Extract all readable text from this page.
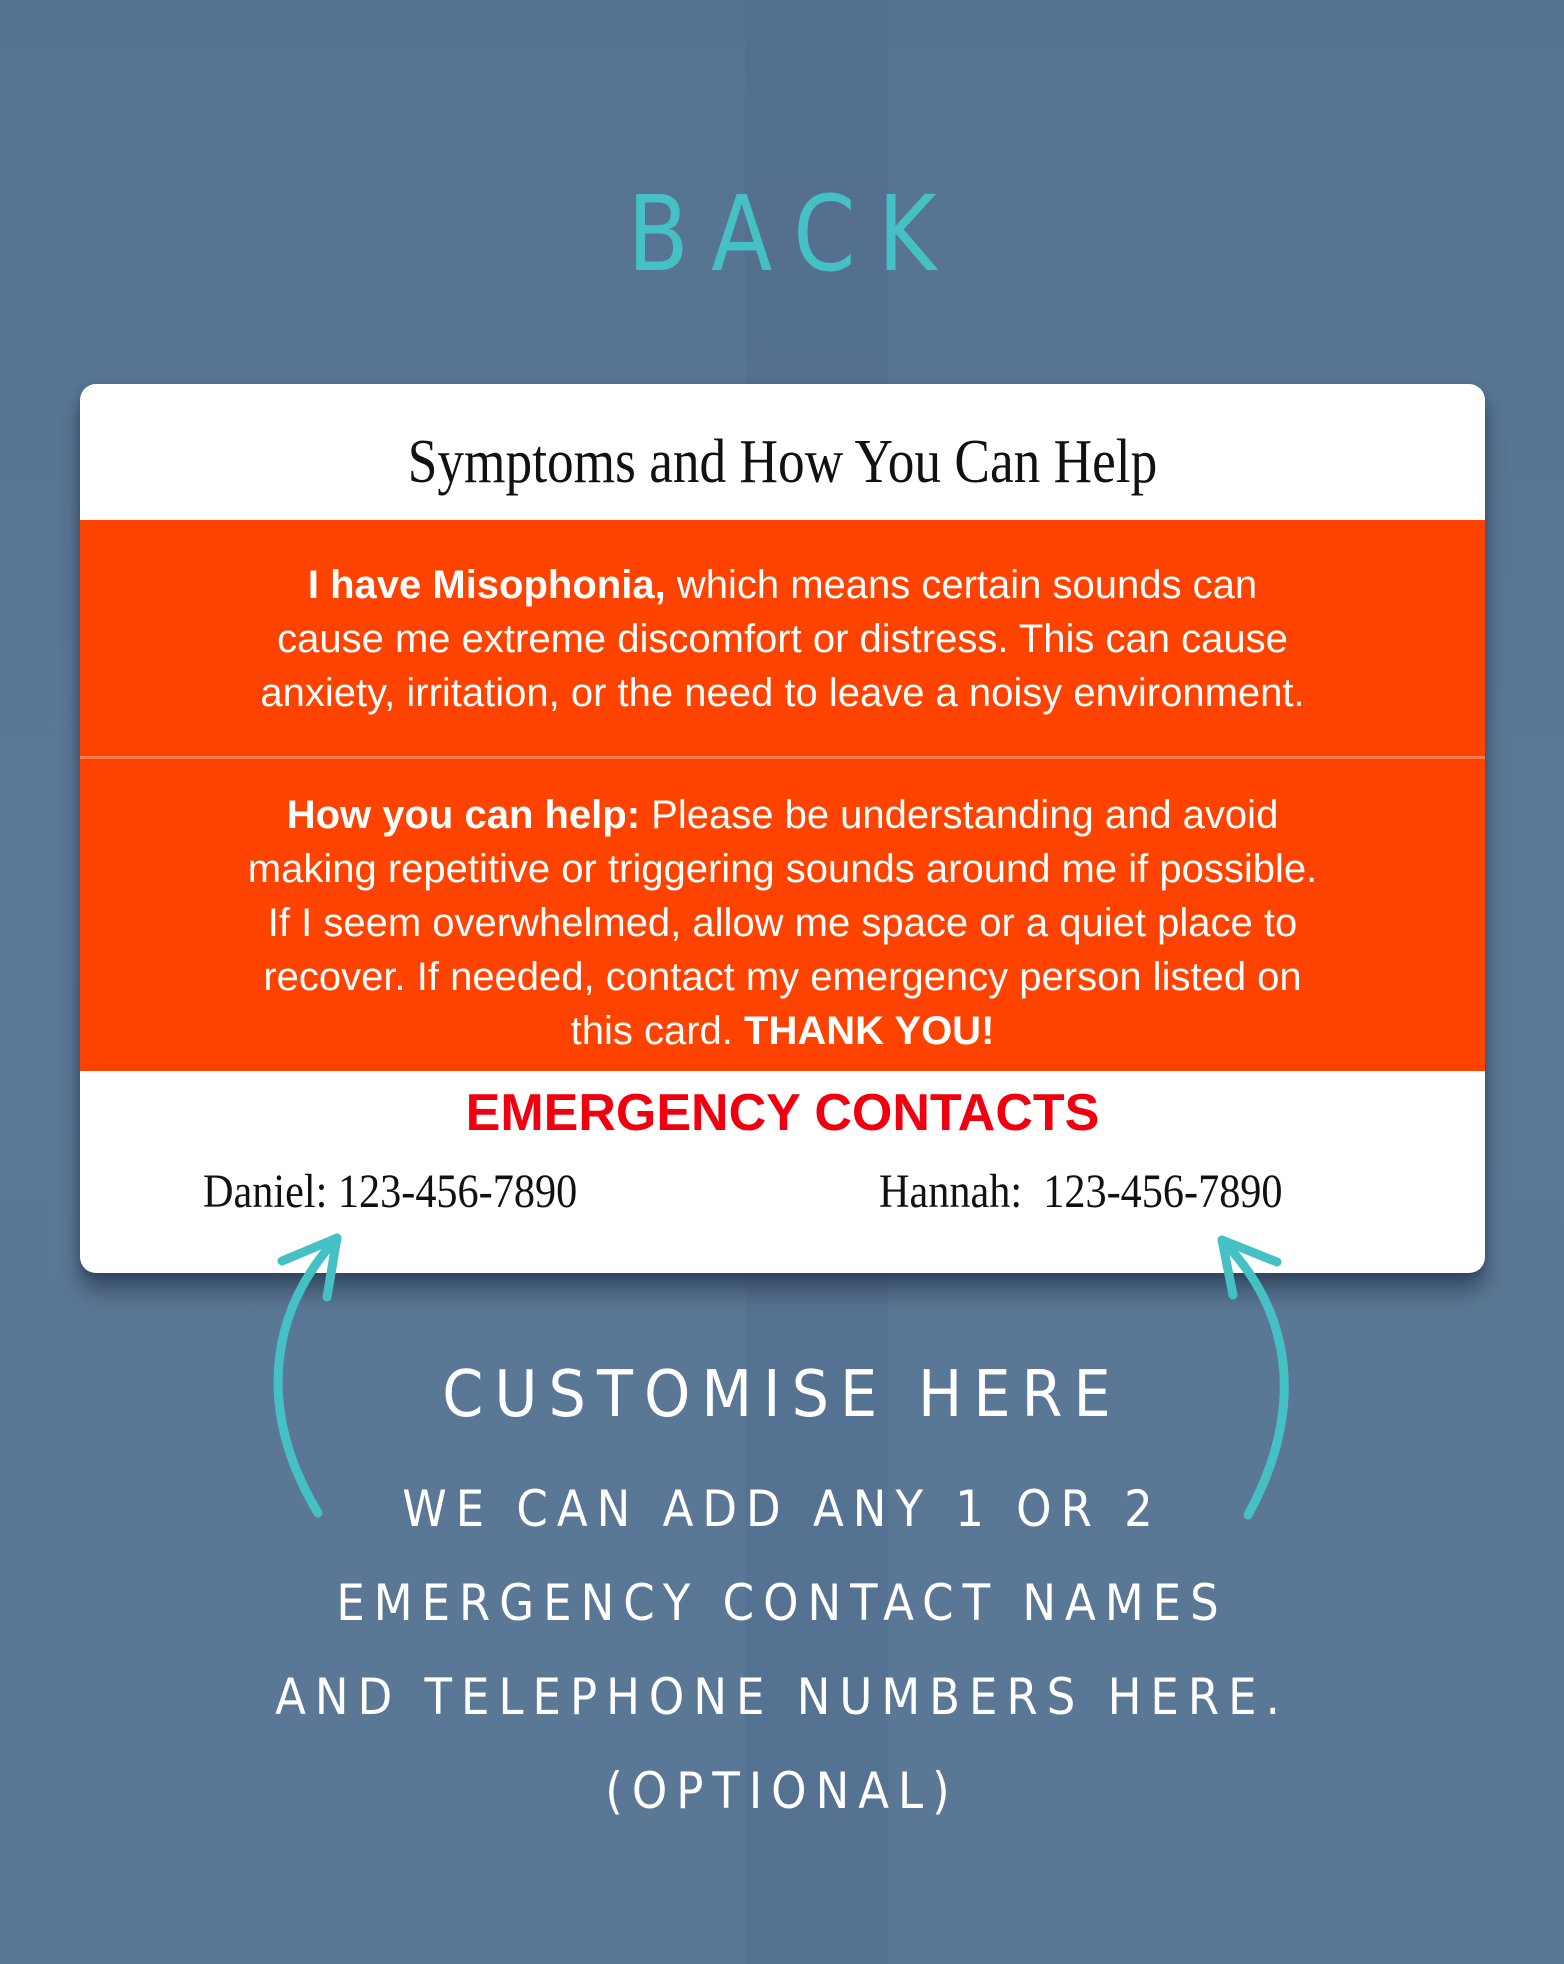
BACK
Symptoms and How You Can Help
I have Misophonia, which means certain sounds can
cause me extreme discomfort or distress. This can cause
anxiety, irritation, or the need to leave a noisy environment.
How you can help: Please be understanding and avoid
making repetitive or triggering sounds around me if possible.
If I seem overwhelmed, allow me space or a quiet place to
recover. If needed, contact my emergency person listed on
this card. THANK YOU!
EMERGENCY CONTACTS
Daniel: 123-456-7890	Hannah: 123-456-7890
CUSTOMISE HERE
WE CAN ADD ANY 1 OR 2
EMERGENCY CONTACT NAMES
AND TELEPHONE NUMBERS HERE.
(OPTIONAL)
